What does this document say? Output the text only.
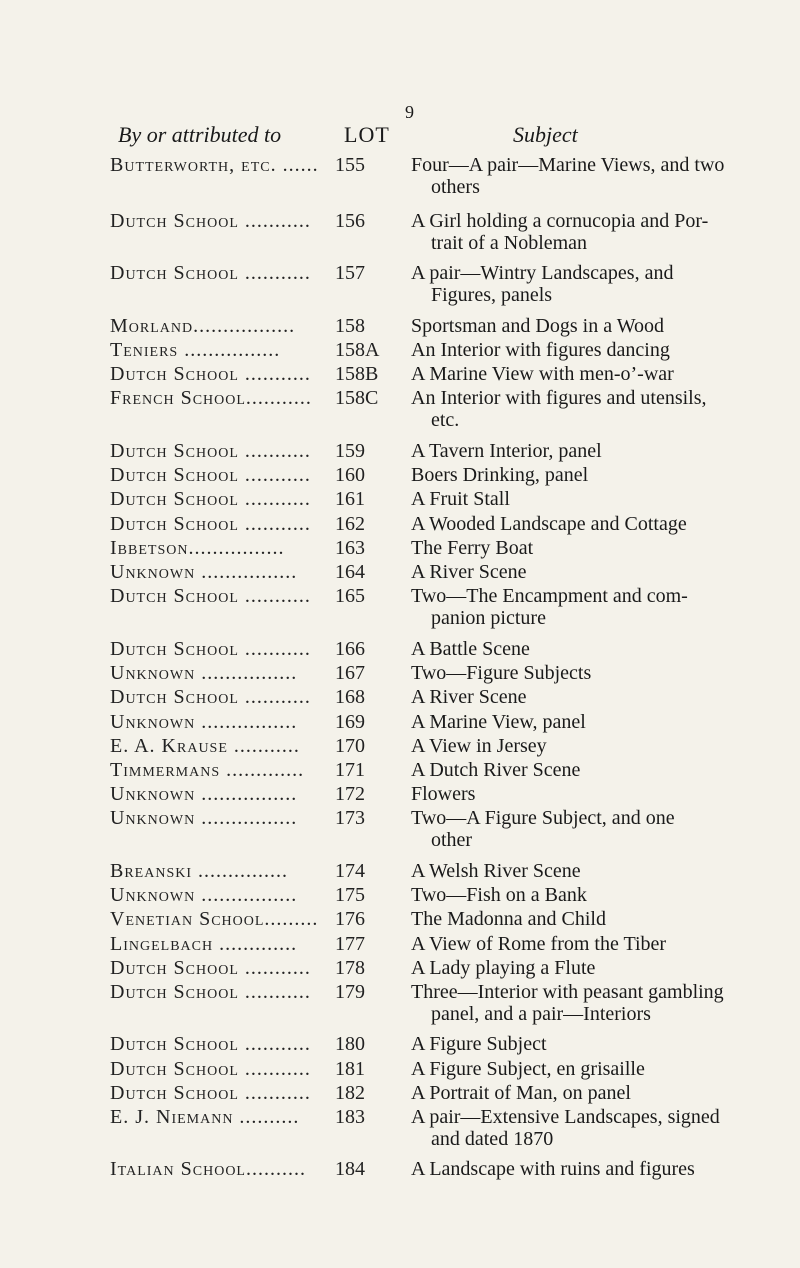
9
By or attributed to	LOT	Subject
Butterworth, etc. ...... 155	Four—A pair—Marine Views, and two
others
Dutch School ...........	156	A Girl holding a cornucopia and Por-
trait of a Nobleman
Dutch School ...........	157	A pair—Wintry Landscapes, and
Figures, panels
Morland.................	158	Sportsman and Dogs in a Wood
Teniers ................	158A	An Interior with figures dancing
Dutch School ...........	158B	A Marine View with men-o’-war
French School...........	158C	An Interior with figures and utensils,
etc.
Dutch School ...........	159	A Tavern Interior, panel
Dutch School ...........	160	Boers Drinking, panel
Dutch School ...........	161	A Fruit Stall
Dutch School ...........	162	A Wooded Landscape and Cottage
Ibbetson................	163	The Ferry Boat
Unknown ................	164	A River Scene
Dutch School ...........	165	Two—The Encampment and com-
panion picture
Dutch School ...........	166	A Battle Scene
Unknown ................	167	Two—Figure Subjects
Dutch School ...........	168	A River Scene
Unknown ................	169	A Marine View, panel
E. A. Krause ...........	170	A View in Jersey
Timmermans .............	171	A Dutch River Scene
Unknown ................	172	Flowers
Unknown ................	173	Two—A Figure Subject, and one
other
Breanski ...............	174	A Welsh River Scene
Unknown ................	175	Two—Fish on a Bank
Venetian School......... 176	The Madonna and Child
Lingelbach .............	177	A View of Rome from the Tiber
Dutch School ...........	178	A Lady playing a Flute
Dutch School ...........	179	Three—Interior with peasant gambling
panel, and a pair—Interiors
Dutch School ...........	180	A Figure Subject
Dutch School ...........	181	A Figure Subject, en grisaille
Dutch School ...........	182	A Portrait of Man, on panel
E. J. Niemann ..........	183	A pair—Extensive Landscapes, signed
and dated 1870
Italian School..........	184	A Landscape with ruins and figures
